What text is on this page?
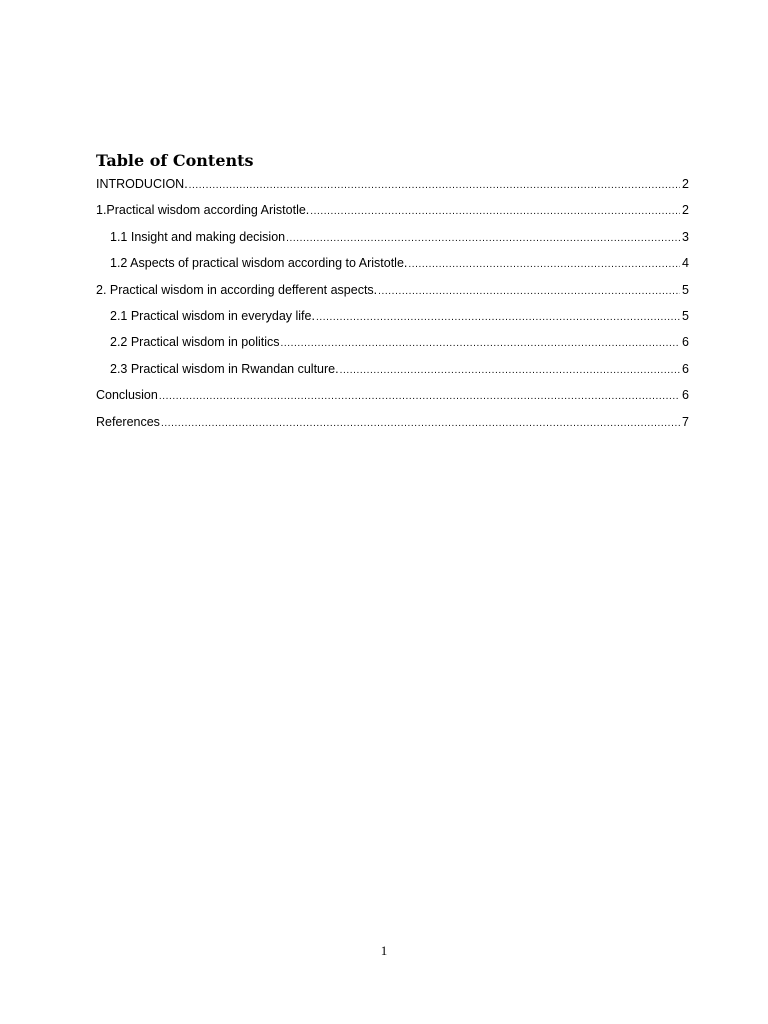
Table of Contents
INTRODUCION. .....	2
1.Practical wisdom according Aristotle. .....	2
1.1 Insight and making decision .....	3
1.2 Aspects of practical wisdom according to Aristotle. .....	4
2. Practical wisdom in according defferent aspects. .....	5
2.1 Practical wisdom in everyday life. .....	5
2.2 Practical wisdom in politics .....	6
2.3 Practical wisdom in Rwandan culture. .....	6
Conclusion .....	6
References .....	7
1
